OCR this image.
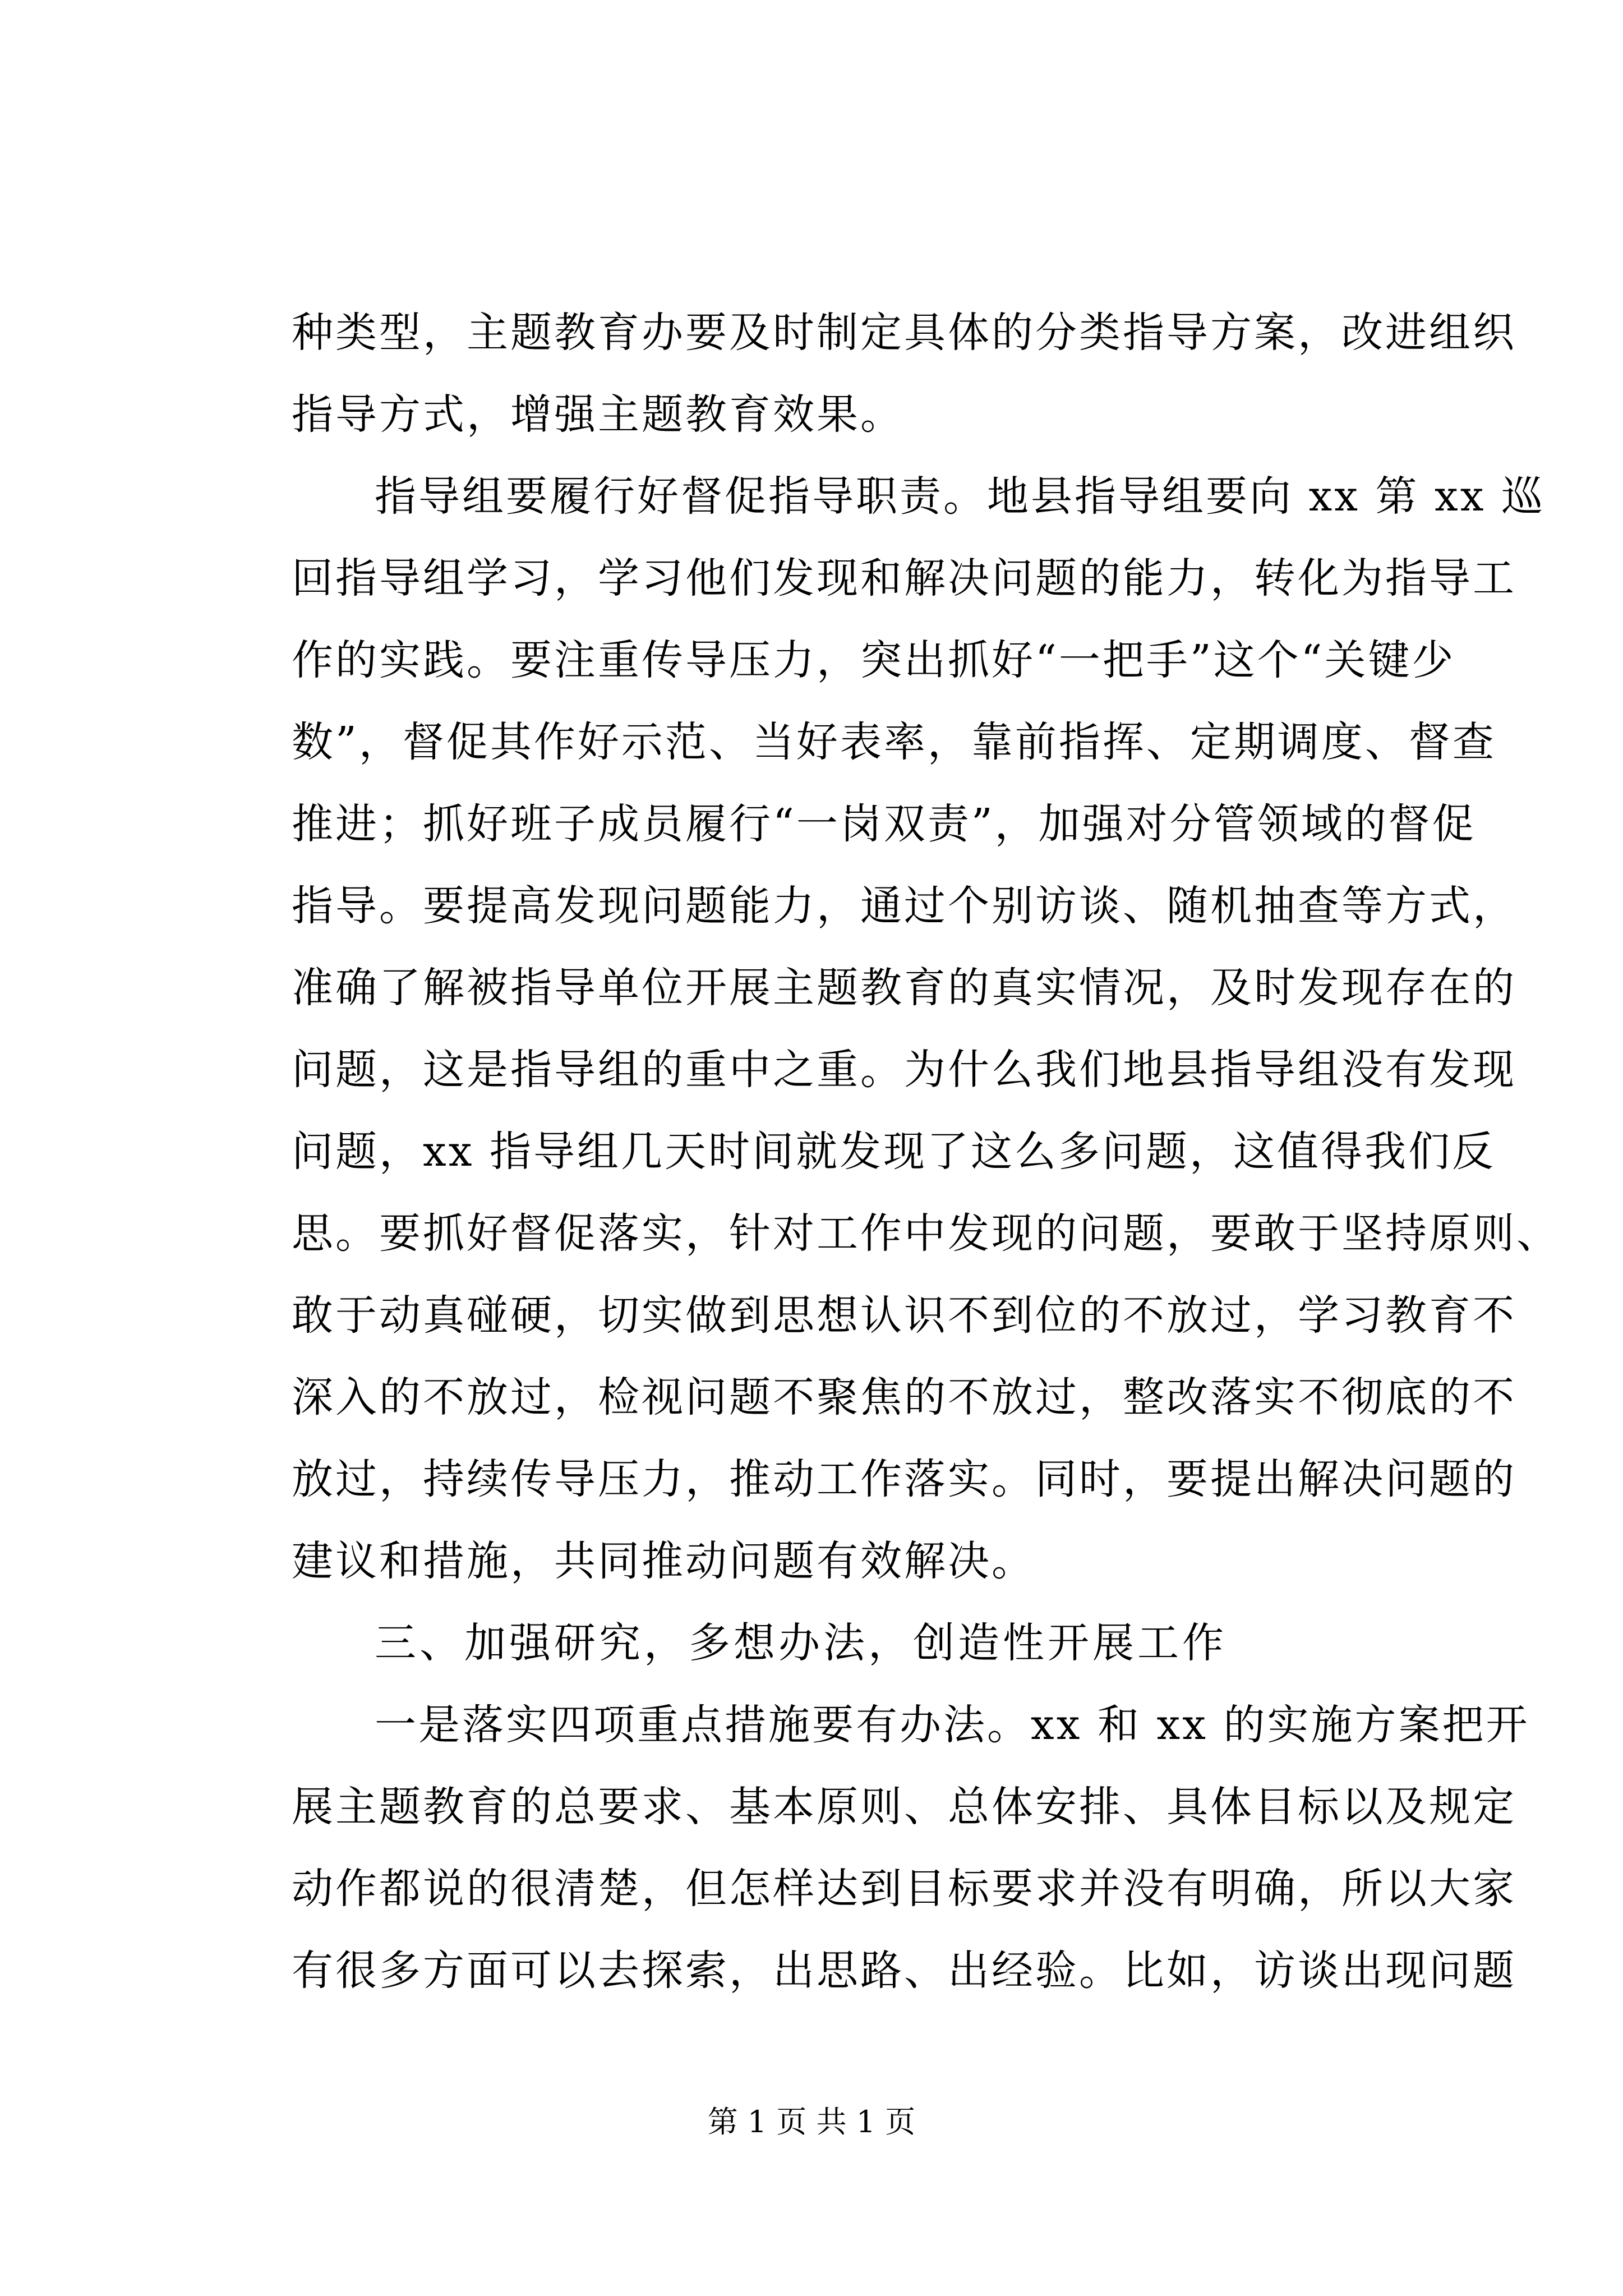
种类型，主题教育办要及时制定具体的分类指导方案，改进组织
指导方式，增强主题教育效果。
指导组要履行好督促指导职责。地县指导组要向 xx 第 xx 巡
回指导组学习，学习他们发现和解决问题的能力，转化为指导工
作的实践。要注重传导压力，突出抓好“一把手”这个“关键少
数”，督促其作好示范、当好表率，靠前指挥、定期调度、督查
推进；抓好班子成员履行“一岗双责”，加强对分管领域的督促
指导。要提高发现问题能力，通过个别访谈、随机抽查等方式，
准确了解被指导单位开展主题教育的真实情况，及时发现存在的
问题，这是指导组的重中之重。为什么我们地县指导组没有发现
问题，xx 指导组几天时间就发现了这么多问题，这值得我们反
思。要抓好督促落实，针对工作中发现的问题，要敢于坚持原则、
敢于动真碰硬，切实做到思想认识不到位的不放过，学习教育不
深入的不放过，检视问题不聚焦的不放过，整改落实不彻底的不
放过，持续传导压力，推动工作落实。同时，要提出解决问题的
建议和措施，共同推动问题有效解决。
三、加强研究，多想办法，创造性开展工作
一是落实四项重点措施要有办法。xx 和 xx 的实施方案把开
展主题教育的总要求、基本原则、总体安排、具体目标以及规定
动作都说的很清楚，但怎样达到目标要求并没有明确，所以大家
有很多方面可以去探索，出思路、出经验。比如，访谈出现问题
第 1 页 共 1 页
